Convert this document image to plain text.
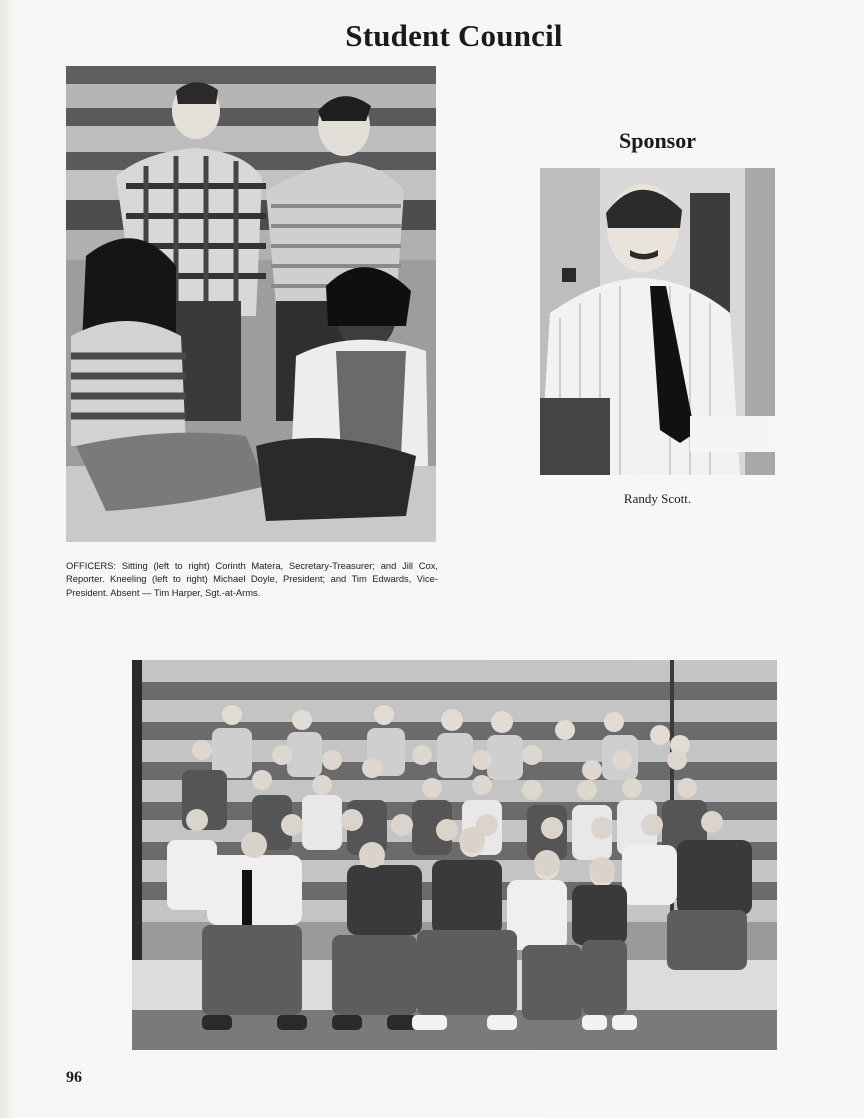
Student Council
OFFICERS: Sitting (left to right) Corinth Matera, Secretary-Treasurer; and Jill Cox, Reporter. Kneeling (left to right) Michael Doyle, President; and Tim Edwards, Vice-President. Absent — Tim Harper, Sgt.-at-Arms.
Sponsor
Randy Scott.
96
